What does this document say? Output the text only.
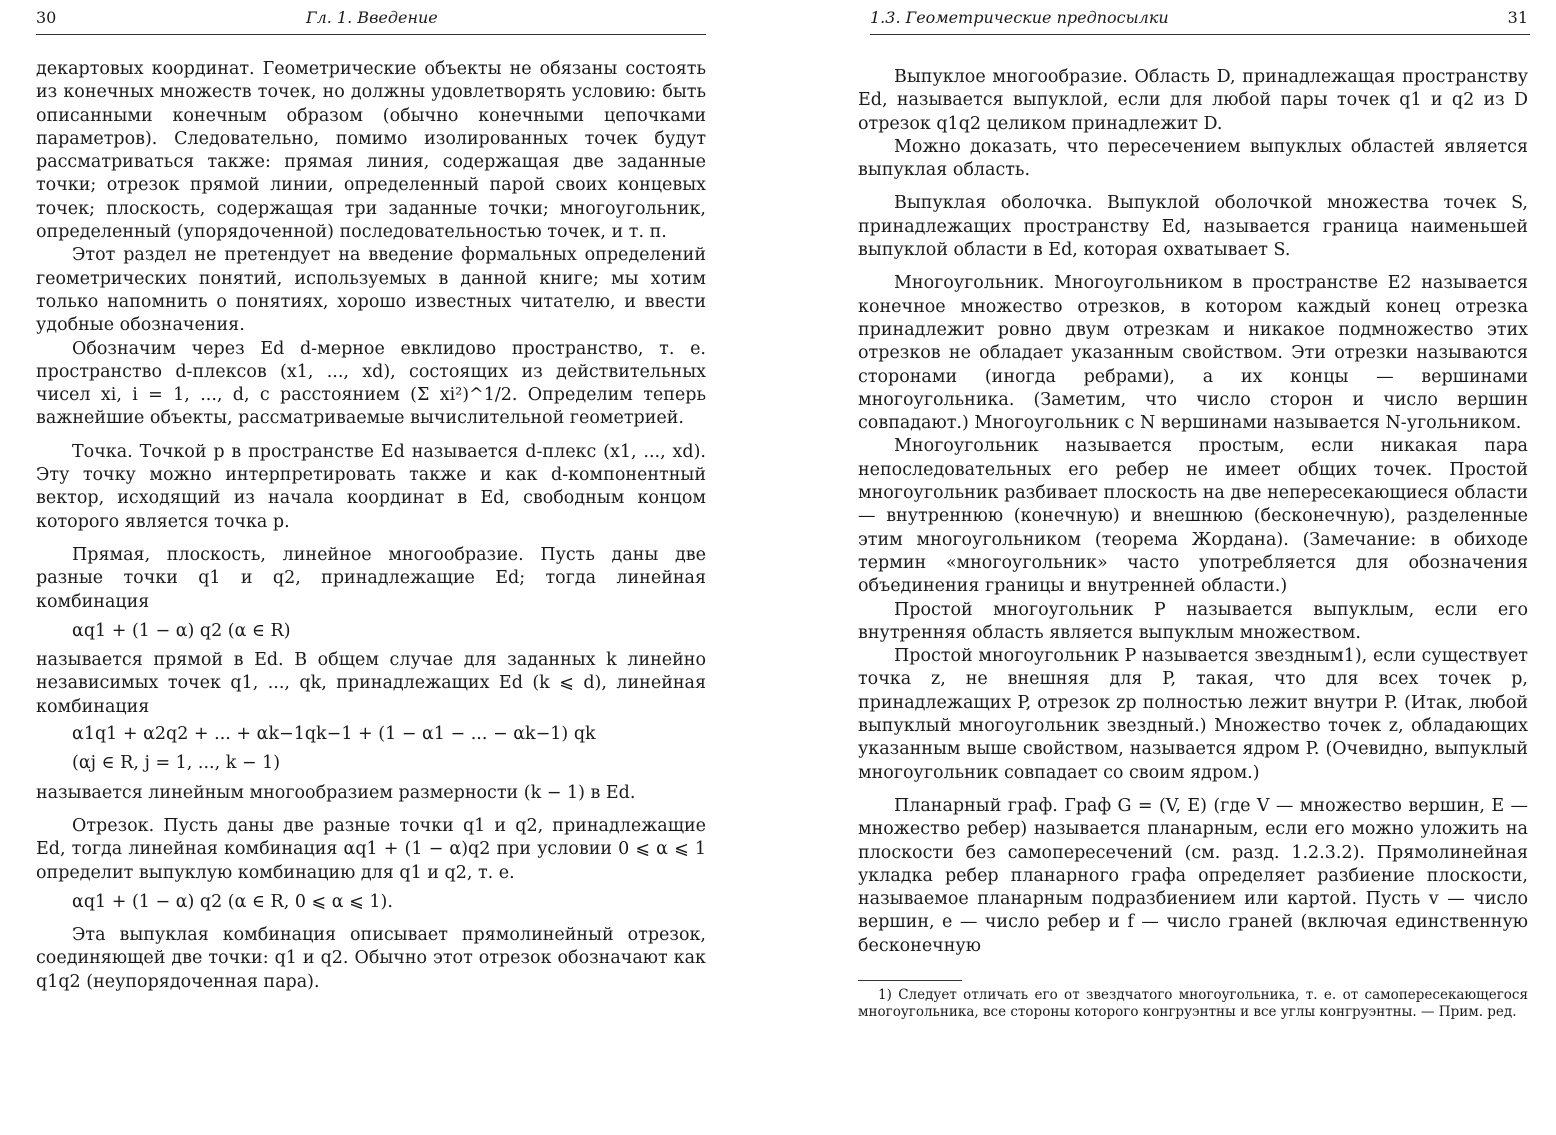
30	Гл. 1. Введение

декартовых координат. Геометрические объекты не обязаны состоять из конечных множеств точек, но должны удовлетворять условию: быть описанными конечным образом (обычно конечными цепочками параметров). Следовательно, помимо изолированных точек будут рассматриваться также: прямая линия, содержащая две заданные точки; отрезок прямой линии, определенный парой своих концевых точек; плоскость, содержащая три заданные точки; многоугольник, определенный (упорядоченной) последовательностью точек, и т. п.

Этот раздел не претендует на введение формальных определений геометрических понятий, используемых в данной книге; мы хотим только напомнить о понятиях, хорошо известных читателю, и ввести удобные обозначения.

Обозначим через Ed d-мерное евклидово пространство, т. е. пространство d-плексов (x1, ..., xd), состоящих из действительных чисел xi, i = 1, ..., d, с расстоянием (Σ xi²)^1/2. Определим теперь важнейшие объекты, рассматриваемые вычислительной геометрией.

Точка. Точкой p в пространстве Ed называется d-плекс (x1, ..., xd). Эту точку можно интерпретировать также и как d-компонентный вектор, исходящий из начала координат в Ed, свободным концом которого является точка p.

Прямая, плоскость, линейное многообразие. Пусть даны две разные точки q1 и q2, принадлежащие Ed; тогда линейная комбинация

αq1 + (1 − α) q2 (α ∈ R)

называется прямой в Ed. В общем случае для заданных k линейно независимых точек q1, ..., qk, принадлежащих Ed (k ⩽ d), линейная комбинация

α1q1 + α2q2 + ... + αk−1qk−1 + (1 − α1 − ... − αk−1) qk

(αj ∈ R, j = 1, ..., k − 1)

называется линейным многообразием размерности (k − 1) в Ed.

Отрезок. Пусть даны две разные точки q1 и q2, принадлежащие Ed, тогда линейная комбинация αq1 + (1 − α)q2 при условии 0 ⩽ α ⩽ 1 определит выпуклую комбинацию для q1 и q2, т. е.

αq1 + (1 − α) q2 (α ∈ R, 0 ⩽ α ⩽ 1).

Эта выпуклая комбинация описывает прямолинейный отрезок, соединяющей две точки: q1 и q2. Обычно этот отрезок обозначают как q1q2 (неупорядоченная пара).

1.3. Геометрические предпосылки	31

Выпуклое многообразие. Область D, принадлежащая пространству Ed, называется выпуклой, если для любой пары точек q1 и q2 из D отрезок q1q2 целиком принадлежит D.

Можно доказать, что пересечением выпуклых областей является выпуклая область.

Выпуклая оболочка. Выпуклой оболочкой множества точек S, принадлежащих пространству Ed, называется граница наименьшей выпуклой области в Ed, которая охватывает S.

Многоугольник. Многоугольником в пространстве E2 называется конечное множество отрезков, в котором каждый конец отрезка принадлежит ровно двум отрезкам и никакое подмножество этих отрезков не обладает указанным свойством. Эти отрезки называются сторонами (иногда ребрами), а их концы — вершинами многоугольника. (Заметим, что число сторон и число вершин совпадают.) Многоугольник с N вершинами называется N-угольником.

Многоугольник называется простым, если никакая пара непоследовательных его ребер не имеет общих точек. Простой многоугольник разбивает плоскость на две непересекающиеся области — внутреннюю (конечную) и внешнюю (бесконечную), разделенные этим многоугольником (теорема Жордана). (Замечание: в обиходе термин «многоугольник» часто употребляется для обозначения объединения границы и внутренней области.)

Простой многоугольник P называется выпуклым, если его внутренняя область является выпуклым множеством.

Простой многоугольник P называется звездным1), если существует точка z, не внешняя для P, такая, что для всех точек p, принадлежащих P, отрезок zp полностью лежит внутри P. (Итак, любой выпуклый многоугольник звездный.) Множество точек z, обладающих указанным выше свойством, называется ядром P. (Очевидно, выпуклый многоугольник совпадает со своим ядром.)

Планарный граф. Граф G = (V, E) (где V — множество вершин, E — множество ребер) называется планарным, если его можно уложить на плоскости без самопересечений (см. разд. 1.2.3.2). Прямолинейная укладка ребер планарного графа определяет разбиение плоскости, называемое планарным подразбиением или картой. Пусть v — число вершин, e — число ребер и f — число граней (включая единственную бесконечную

1) Следует отличать его от звездчатого многоугольника, т. е. от самопересекающегося многоугольника, все стороны которого конгруэнтны и все углы конгруэнтны. — Прим. ред.
